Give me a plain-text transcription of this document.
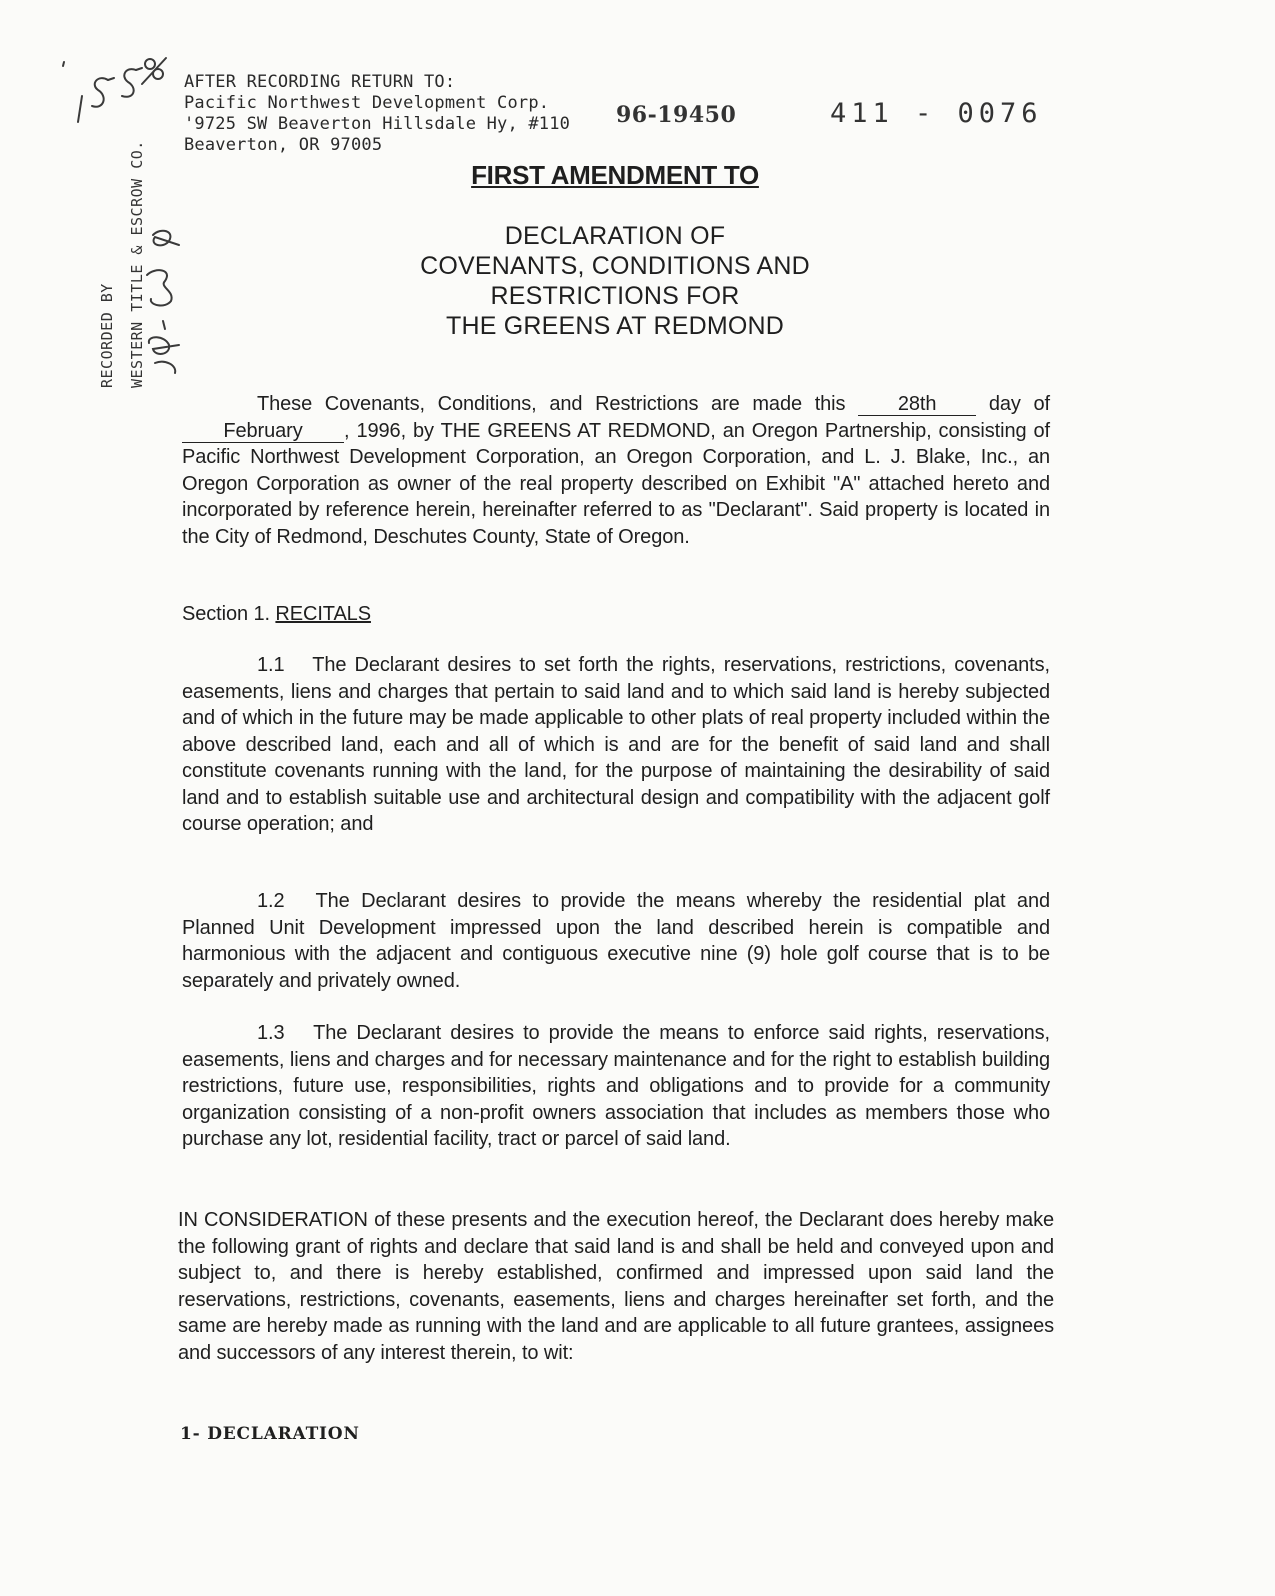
AFTER RECORDING RETURN TO:
Pacific Northwest Development Corp.
'9725 SW Beaverton Hillsdale Hy, #110
Beaverton, OR 97005
96-19450	411 - 0076
RECORDED BY WESTERN TITLE & ESCROW CO.	FIRST AMENDMENT TO
DECLARATION OF
COVENANTS, CONDITIONS AND
RESTRICTIONS FOR
THE GREENS AT REDMOND
These Covenants, Conditions, and Restrictions are made this	28th	day of February , 1996, by THE GREENS AT REDMOND, an Oregon Partnership, consisting of Pacific Northwest Development Corporation, an Oregon Corporation, and L. J. Blake, Inc., an Oregon Corporation as owner of the real property described on Exhibit "A" attached hereto and incorporated by reference herein, hereinafter referred to as "Declarant". Said property is located in the City of Redmond, Deschutes County, State of Oregon.
Section 1. RECITALS
1.1  The Declarant desires to set forth the rights, reservations, restrictions, covenants, easements, liens and charges that pertain to said land and to which said land is hereby subjected and of which in the future may be made applicable to other plats of real property included within the above described land, each and all of which is and are for the benefit of said land and shall constitute covenants running with the land, for the purpose of maintaining the desirability of said land and to establish suitable use and architectural design and compatibility with the adjacent golf course operation; and
1.2  The Declarant desires to provide the means whereby the residential plat and Planned Unit Development impressed upon the land described herein is compatible and harmonious with the adjacent and contiguous executive nine (9) hole golf course that is to be separately and privately owned.
1.3  The Declarant desires to provide the means to enforce said rights, reservations, easements, liens and charges and for necessary maintenance and for the right to establish building restrictions, future use, responsibilities, rights and obligations and to provide for a community organization consisting of a non-profit owners association that includes as members those who purchase any lot, residential facility, tract or parcel of said land.
IN CONSIDERATION of these presents and the execution hereof, the Declarant does hereby make the following grant of rights and declare that said land is and shall be held and conveyed upon and subject to, and there is hereby established, confirmed and impressed upon said land the reservations, restrictions, covenants, easements, liens and charges hereinafter set forth, and the same are hereby made as running with the land and are applicable to all future grantees, assignees and successors of any interest therein, to wit:
1- DECLARATION
